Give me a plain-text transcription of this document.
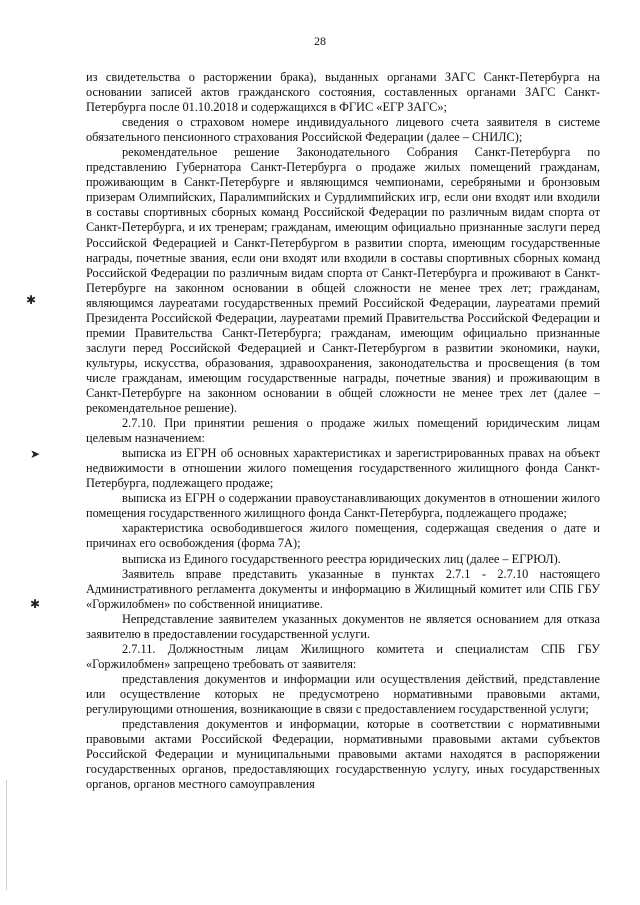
28

из свидетельства о расторжении брака), выданных органами ЗАГС Санкт-Петербурга на основании записей актов гражданского состояния, составленных органами ЗАГС Санкт-Петербурга после 01.10.2018 и содержащихся в ФГИС «ЕГР ЗАГС»;

сведения о страховом номере индивидуального лицевого счета заявителя в системе обязательного пенсионного страхования Российской Федерации (далее – СНИЛС);

рекомендательное решение Законодательного Собрания Санкт-Петербурга по представлению Губернатора Санкт-Петербурга о продаже жилых помещений гражданам, проживающим в Санкт-Петербурге и являющимся чемпионами, серебряными и бронзовым призерам Олимпийских, Паралимпийских и Сурдлимпийских игр, если они входят или входили в составы спортивных сборных команд Российской Федерации по различным видам спорта от Санкт-Петербурга, и их тренерам; гражданам, имеющим официально признанные заслуги перед Российской Федерацией и Санкт-Петербургом в развитии спорта, имеющим государственные награды, почетные звания, если они входят или входили в составы спортивных сборных команд Российской Федерации по различным видам спорта от Санкт-Петербурга и проживают в Санкт-Петербурге на законном основании в общей сложности не менее трех лет; гражданам, являющимся лауреатами государственных премий Российской Федерации, лауреатами премий Президента Российской Федерации, лауреатами премий Правительства Российской Федерации и премии Правительства Санкт-Петербурга; гражданам, имеющим официально признанные заслуги перед Российской Федерацией и Санкт-Петербургом в развитии экономики, науки, культуры, искусства, образования, здравоохранения, законодательства и просвещения (в том числе гражданам, имеющим государственные награды, почетные звания) и проживающим в Санкт-Петербурге на законном основании в общей сложности не менее трех лет (далее – рекомендательное решение).

2.7.10. При принятии решения о продаже жилых помещений юридическим лицам целевым назначением:

выписка из ЕГРН об основных характеристиках и зарегистрированных правах на объект недвижимости в отношении жилого помещения государственного жилищного фонда Санкт-Петербурга, подлежащего продаже;

выписка из ЕГРН о содержании правоустанавливающих документов в отношении жилого помещения государственного жилищного фонда Санкт-Петербурга, подлежащего продаже;

характеристика освободившегося жилого помещения, содержащая сведения о дате и причинах его освобождения (форма 7А);

выписка из Единого государственного реестра юридических лиц (далее – ЕГРЮЛ).

Заявитель вправе представить указанные в пунктах 2.7.1 - 2.7.10 настоящего Административного регламента документы и информацию в Жилищный комитет или СПБ ГБУ «Горжилобмен» по собственной инициативе.

Непредставление заявителем указанных документов не является основанием для отказа заявителю в предоставлении государственной услуги.

2.7.11. Должностным лицам Жилищного комитета и специалистам СПБ ГБУ «Горжилобмен» запрещено требовать от заявителя:

представления документов и информации или осуществления действий, представление или осуществление которых не предусмотрено нормативными правовыми актами, регулирующими отношения, возникающие в связи с предоставлением государственной услуги;

представления документов и информации, которые в соответствии с нормативными правовыми актами Российской Федерации, нормативными правовыми актами субъектов Российской Федерации и муниципальными правовыми актами находятся в распоряжении государственных органов, предоставляющих государственную услугу, иных государственных органов, органов местного самоуправления

✱
➤
✱
